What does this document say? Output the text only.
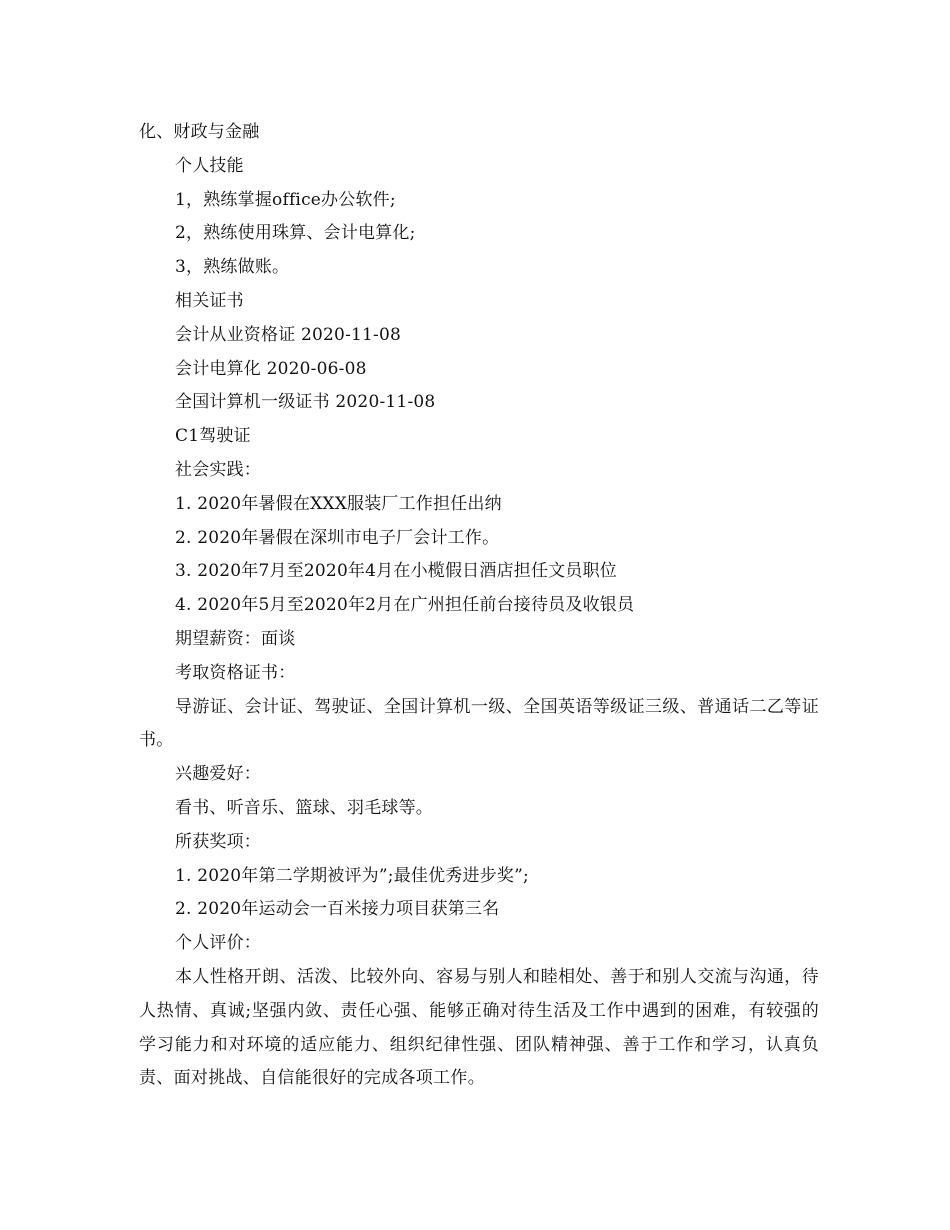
化、财政与金融
个人技能
1，熟练掌握office办公软件;
2，熟练使用珠算、会计电算化;
3，熟练做账。
相关证书
会计从业资格证 2020-11-08
会计电算化 2020-06-08
全国计算机一级证书 2020-11-08
C1驾驶证
社会实践：
1. 2020年暑假在XXX服装厂工作担任出纳
2. 2020年暑假在深圳市电子厂会计工作。
3. 2020年7月至2020年4月在小榄假日酒店担任文员职位
4. 2020年5月至2020年2月在广州担任前台接待员及收银员
期望薪资：面谈
考取资格证书：
导游证、会计证、驾驶证、全国计算机一级、全国英语等级证三级、普通话二乙等证书。
兴趣爱好：
看书、听音乐、篮球、羽毛球等。
所获奖项：
1. 2020年第二学期被评为”;最佳优秀进步奖”;
2. 2020年运动会一百米接力项目获第三名
个人评价：
本人性格开朗、活泼、比较外向、容易与别人和睦相处、善于和别人交流与沟通，待人热情、真诚;坚强内敛、责任心强、能够正确对待生活及工作中遇到的困难，有较强的学习能力和对环境的适应能力、组织纪律性强、团队精神强、善于工作和学习，认真负责、面对挑战、自信能很好的完成各项工作。
